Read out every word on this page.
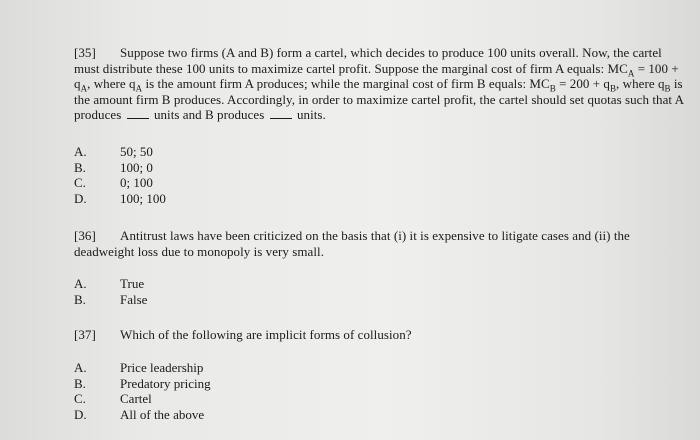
[35] Suppose two firms (A and B) form a cartel, which decides to produce 100 units overall. Now, the cartel must distribute these 100 units to maximize cartel profit. Suppose the marginal cost of firm A equals: $MC_A = 100 + q_A$, where $q_A$ is the amount firm A produces; while the marginal cost of firm B equals: $MC_B = 200 + q_B$, where $q_B$ is the amount firm B produces. Accordingly, in order to maximize cartel profit, the cartel should set quotas such that A produces	units and B produces	units.

A.	50; 50
B.	100; 0
C.	0; 100
D.	100; 100

[36] Antitrust laws have been criticized on the basis that (i) it is expensive to litigate cases and (ii) the deadweight loss due to monopoly is very small.

A.	True
B.	False

[37] Which of the following are implicit forms of collusion?

A.	Price leadership
B.	Predatory pricing
C.	Cartel
D.	All of the above
